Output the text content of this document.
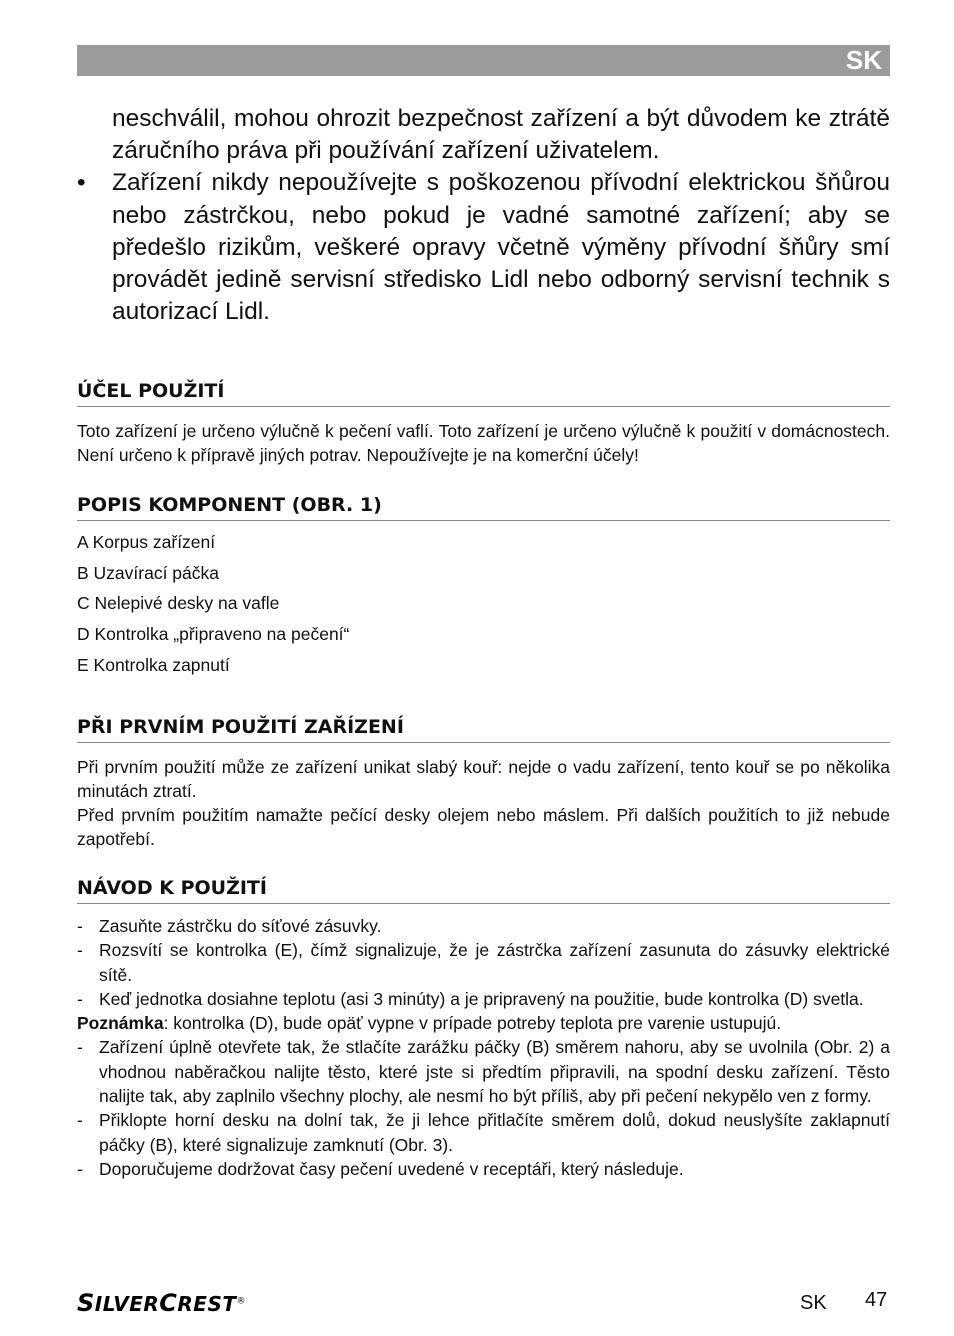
SK

neschválil, mohou ohrozit bezpečnost zařízení a být důvodem ke ztrátě záručního práva při používání zařízení uživatelem.

• Zařízení nikdy nepoužívejte s poškozenou přívodní elektrickou šňůrou nebo zástrčkou, nebo pokud je vadné samotné zařízení; aby se předešlo rizikům, veškeré opravy včetně výměny přívodní šňůry smí provádět jedině servisní středisko Lidl nebo odborný servisní technik s autorizací Lidl.
ÚČEL POUŽITÍ

Toto zařízení je určeno výlučně k pečení vaflí. Toto zařízení je určeno výlučně k použití v domácnostech. Není určeno k přípravě jiných potrav. Nepoužívejte je na komerční účely!

POPIS KOMPONENT (OBR. 1)
A Korpus zařízení
B Uzavírací páčka
C Nelepivé desky na vafle
D Kontrolka „připraveno na pečení“
E Kontrolka zapnutí
PŘI PRVNÍM POUŽITÍ ZAŘÍZENÍ

Při prvním použití může ze zařízení unikat slabý kouř: nejde o vadu zařízení, tento kouř se po několika minutách ztratí.

Před prvním použitím namažte pečící desky olejem nebo máslem. Při dalších použitích to již nebude zapotřebí.

NÁVOD K POUŽITÍ
- Zasuňte zástrčku do síťové zásuvky.
- Rozsvítí se kontrolka (E), čímž signalizuje, že je zástrčka zařízení zasunuta do zásuvky elektrické sítě.
- Keď jednotka dosiahne teplotu (asi 3 minúty) a je pripravený na použitie, bude kontrolka (D) svetla.
Poznámka: kontrolka (D), bude opäť vypne v prípade potreby teplota pre varenie ustupujú.
- Zařízení úplně otevřete tak, že stlačíte zarážku páčky (B) směrem nahoru, aby se uvolnila (Obr. 2) a vhodnou naběračkou nalijte těsto, které jste si předtím připravili, na spodní desku zařízení. Těsto nalijte tak, aby zaplnilo všechny plochy, ale nesmí ho být příliš, aby při pečení nekypělo ven z formy.
- Přiklopte horní desku na dolní tak, že ji lehce přitlačíte směrem dolů, dokud neuslyšíte zaklapnutí páčky (B), které signalizuje zamknutí (Obr. 3).
- Doporučujeme dodržovat časy pečení uvedené v receptáři, který následuje.
SILVERCREST®	SK 47
